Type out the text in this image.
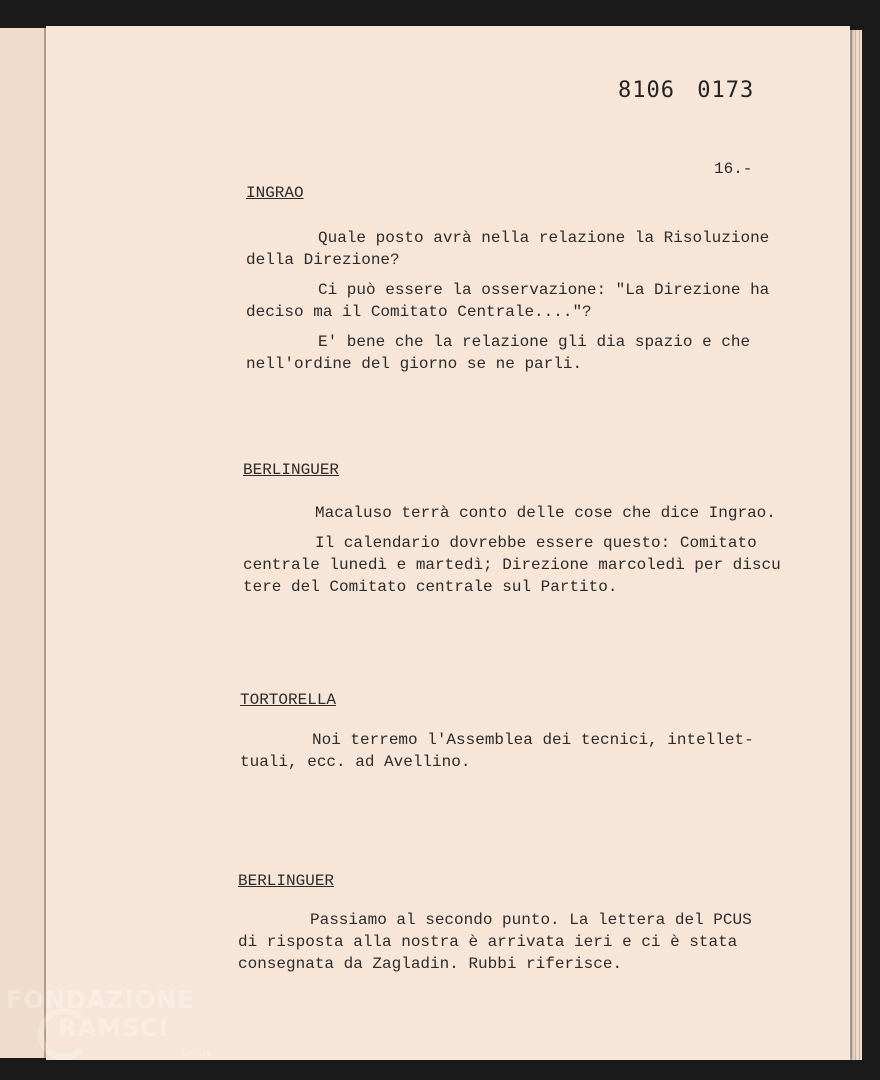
8106 0173
16.-
INGRAO

Quale posto avrà nella relazione la Risoluzione della Direzione?

Ci può essere la osservazione: "La Direzione ha deciso ma il Comitato Centrale...."?

E' bene che la relazione gli dia spazio e che nell'ordine del giorno se ne parli.

BERLINGUER

Macaluso terrà conto delle cose che dice Ingrao.

Il calendario dovrebbe essere questo: Comitato centrale lunedì e martedì; Direzione marcoledì per discu tere del Comitato centrale sul Partito.

TORTORELLA

Noi terremo l'Assemblea dei tecnici, intellet- tuali, ecc. ad Avellino.

BERLINGUER

Passiamo al secondo punto. La lettera del PCUS di risposta alla nostra è arrivata ieri e ci è stata consegnata da Zagladin. Rubbi riferisce.

FONDAZIONE
RAMSCI
onlus
